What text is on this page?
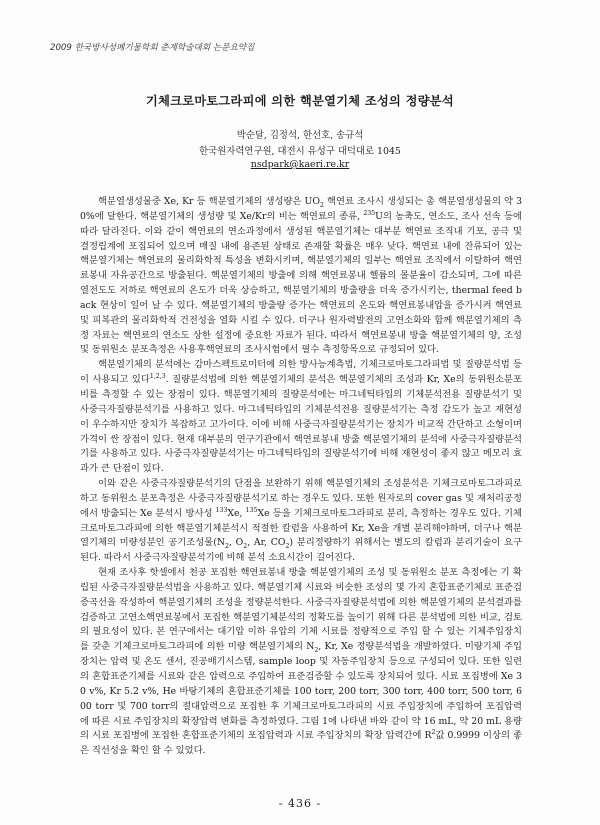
2009 한국방사성폐기물학회 춘계학술대회 논문요약집
기체크로마토그라피에 의한 핵분열기체 조성의 정량분석
박순달, 김정석, 한선호, 송규석
한국원자력연구원, 대전시 유성구 대덕대로 1045
nsdpark@kaeri.re.kr

핵분열생성물중 Xe, Kr 등 핵분열기체의 생성량은 $UO_2$ 핵연료 조사시 생성되는 총 핵분열생성물의 약 30%에 달한다. 핵분열기체의 생성량 및 Xe/Kr의 비는 핵연료의 종류, $^{235}$U의 농축도, 연소도, 조사 선속 등에 따라 달라진다. 이와 같이 핵연료의 연소과정에서 생성된 핵분열기체는 대부분 핵연료 조직내 기포, 공극 및 결정립계에 포집되어 있으며 매질 내에 용존된 상태로 존재할 확률은 매우 낮다. 핵연료 내에 잔류되어 있는 핵분열기체는 핵연료의 물리화학적 특성을 변화시키며, 핵분열기체의 일부는 핵연료 조직에서 이탈하여 핵연료봉내 자유공간으로 방출된다. 핵분열기체의 방출에 의해 핵연료봉내 헬륨의 몰분율이 감소되며, 그에 따른 열전도도 저하로 핵연료의 온도가 더욱 상승하고, 핵분열기체의 방출량을 더욱 증가시키는, thermal feed back 현상이 일어 날 수 있다. 핵분열기체의 방출량 증가는 핵연료의 온도와 핵연료봉내압을 증가시켜 핵연료 및 피복관의 물리화학적 건전성을 열화 시킬 수 있다. 더구나 원자력발전의 고연소화와 함께 핵분열기체의 측정 자료는 핵연료의 연소도 상한 설정에 중요한 자료가 된다. 따라서 핵연료봉내 방출 핵분열기체의 양, 조성 및 동위원소 분포측정은 사용후핵연료의 조사시험에서 필수 측정항목으로 규정되어 있다.

핵분열기체의 분석에는 감마스펙트로미터에 의한 방사능계측법, 기체크로마토그라피법 및 질량분석법 등이 사용되고 있다$^{1,2,3}$. 질량분석법에 의한 핵분열기체의 분석은 핵분열기체의 조성과 Kr, Xe의 동위원소분포비를 측정할 수 있는 장점이 있다. 핵분열기체의 질량분석에는 마그네틱타입의 기체분석전용 질량분석기 및 사중극자질량분석기를 사용하고 있다. 마그네틱타입의 기체분석전용 질량분석기는 측정 감도가 높고 재현성이 우수하지만 장치가 복잡하고 고가이다. 이에 비해 사중극자질량분석기는 장치가 비교적 간단하고 소형이며 가격이 싼 장점이 있다. 현재 대부분의 연구기관에서 핵연료봉내 방출 핵분열기체의 분석에 사중극자질량분석기를 사용하고 있다. 사중극자질량분석기는 마그네틱타입의 질량분석기에 비해 재현성이 좋지 않고 메모리 효과가 큰 단점이 있다.

이와 같은 사중극자질량분석기의 단점을 보완하기 위해 핵분열기체의 조성분석은 기체크로마토그라피로 하고 동위원소 분포측정은 사중극자질량분석기로 하는 경우도 있다. 또한 원자로의 cover gas 및 재처리공정에서 방출되는 Xe 분석시 방사성 $^{133}$Xe, $^{135}$Xe 등을 기체크로마토그라피로 분리, 측정하는 경우도 있다. 기체크로마토그라피에 의한 핵분열기체분석시 적절한 칼럼을 사용하여 Kr, Xe을 개별 분리해야하며, 더구나 핵분열기체의 미량성분인 공기조성물($N_2$, $O_2$, Ar, $CO_2$) 분리정량하기 위해서는 별도의 칼럼과 분리기술이 요구된다. 따라서 사중극자질량분석기에 비해 분석 소요시간이 길어진다.

현재 조사후 핫셀에서 천공 포집한 핵연료봉내 방출 핵분열기체의 조성 및 동위원소 분포 측정에는 기 확립된 사중극자질량분석법을 사용하고 있다. 핵분열기체 시료와 비슷한 조성의 몇 가지 혼합표준기체로 표준검증곡선을 작성하여 핵분열기체의 조성을 정량분석한다. 사중극자질량분석법에 의한 핵분열기체의 분석결과를 검증하고 고연소핵연료봉에서 포집한 핵분열기체분석의 정확도를 높이기 위해 다른 분석법에 의한 비교, 검토의 필요성이 있다. 본 연구에서는 대기압 이하 유압의 기체 시료를 정량적으로 주입 할 수 있는 기체주입장치를 갖춘 기체크로마토그라피에 의한 미량 핵분열기체의 $N_2$, Kr, Xe 정량분석법을 개발하였다. 미량기체 주입장치는 압력 및 온도 센서, 진공배기시스템, sample loop 및 자동주입장치 등으로 구성되어 있다. 또한 일련의 혼합표준기체를 시료와 같은 압력으로 주입하여 표준검증할 수 있도록 장치되어 있다. 시료 포집병에 Xe 30 v%, Kr 5.2 v%, He 바탕기체의 혼합표준기체를 100 torr, 200 torr, 300 torr, 400 torr, 500 torr, 600 torr 및 700 torr의 절대압력으로 포집한 후 기체크로마토그라피의 시료 주입장치에 주입하여 포집압력에 따른 시료 주입장치의 확장압력 변화를 측정하였다. 그림 1에 나타낸 바와 같이 약 16 mL, 약 20 mL 용량의 시료 포집병에 포집한 혼합표준기체의 포집압력과 시료 주입장치의 확장 압력간에 $R^2$값 0.9999 이상의 좋은 직선성을 확인 할 수 있었다.

- 436 -
